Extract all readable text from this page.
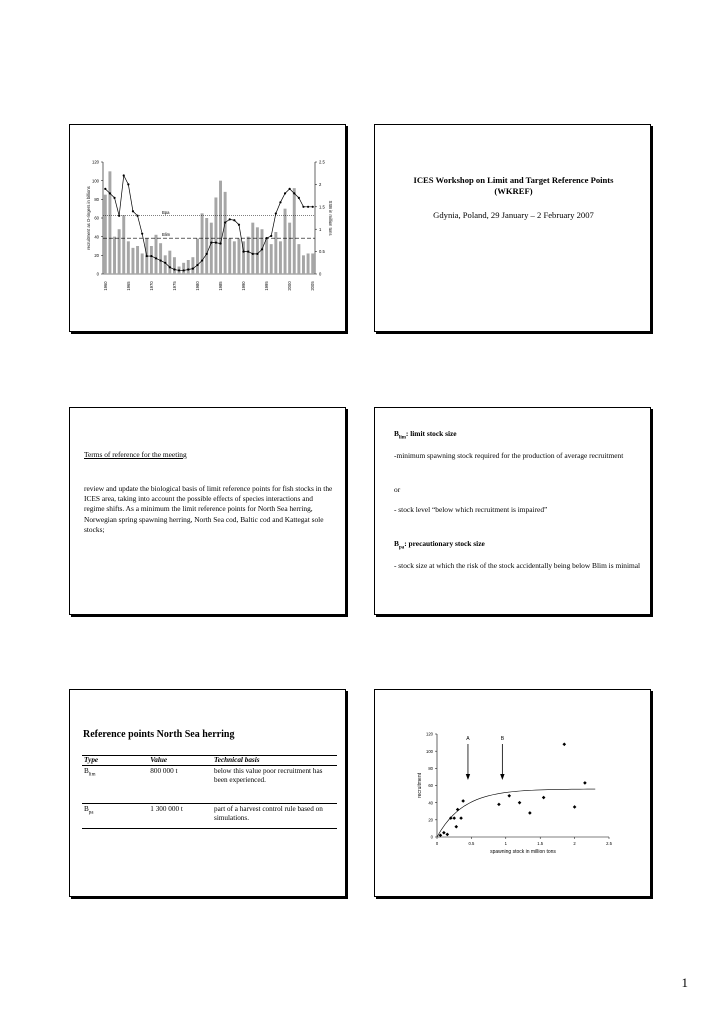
0
20
40
60
80
100
120
0
0.5
1
1.5
2
2.5
Bpa
Blim
1960	1965	1970	1975	1980	1985	1990	1995	2000	2005
recruitment as O-ringers in billions	SSB in million tons
ICES Workshop on Limit and Target Reference Points (WKREF)
Gdynia, Poland, 29 January – 2 February 2007
Terms of reference for the meeting
review and update the biological basis of limit reference points for fish stocks in the ICES area, taking into account the possible effects of species interactions and regime shifts. As a minimum the limit reference points for North Sea herring, Norwegian spring spawning herring, North Sea cod, Baltic cod and Kattegat sole stocks;
$B_{lim}$: limit stock size
-minimum spawning stock required for the production of average recruitment
or
- stock level “below which recruitment is impaired”
$B_{pa}$: precautionary stock size
- stock size at which the risk of the stock accidentally being below Blim is minimal
Reference points North Sea herring
Type	Value	Technical basis
$B_{lim}$	800 000 t	below this value poor recruitment has been experienced.
$B_{pa}$	1 300 000 t	part of a harvest control rule based on simulations.
0
20
40
60
80
100
120
0	0.5	1	1.5	2	2.5
A	B
spawning stock in million tons
recruitment
1
